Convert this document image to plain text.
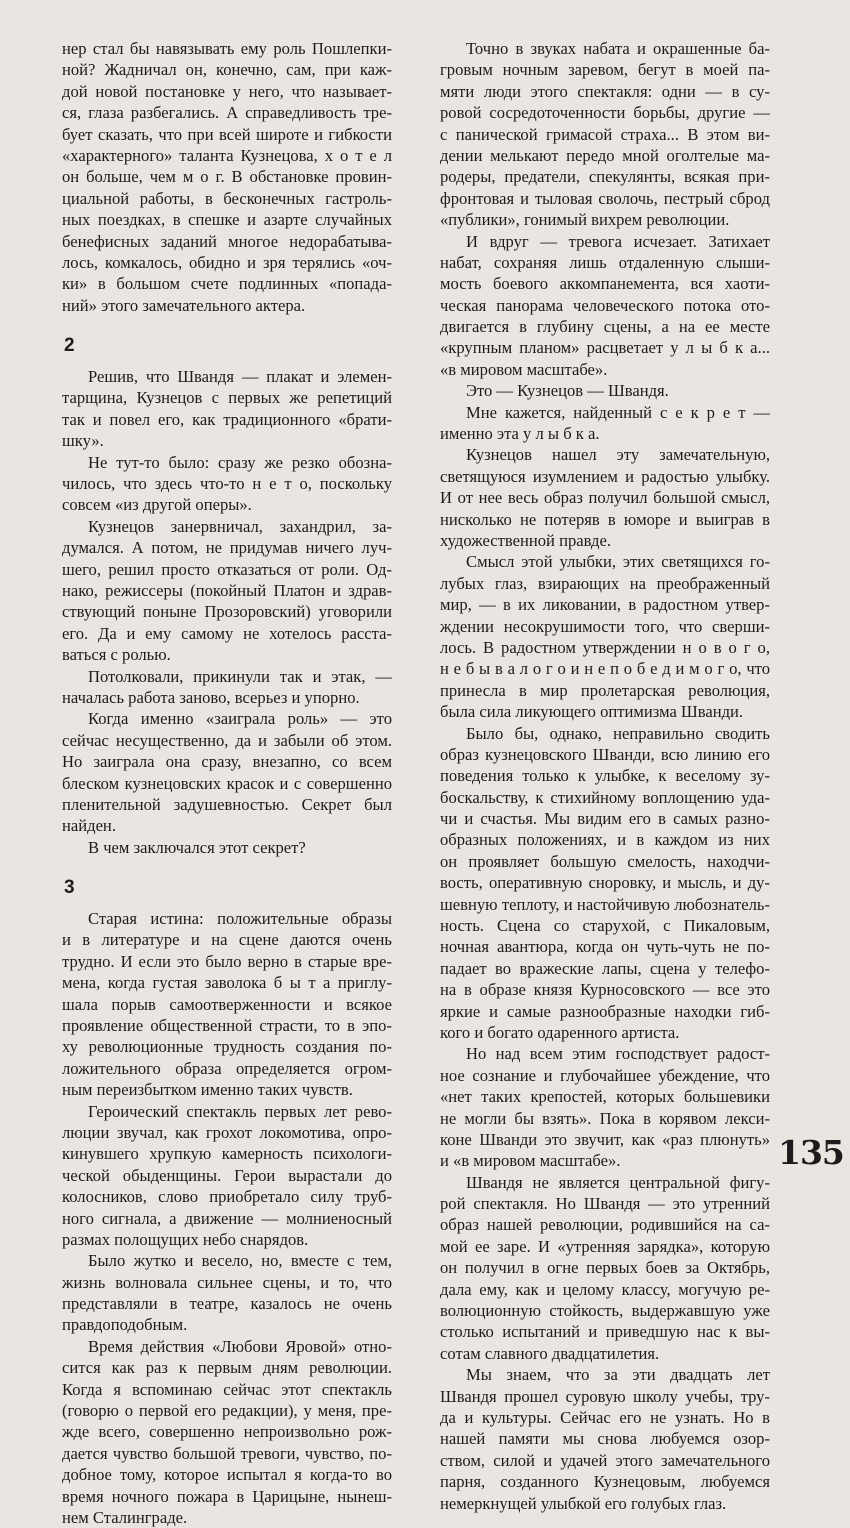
нер стал бы навязывать ему роль Пошлепки-
ной? Жадничал он, конечно, сам, при каж-
дой новой постановке у него, что называет-
ся, глаза разбегались. А справедливость тре-
бует сказать, что при всей широте и гибкости
«характерного» таланта Кузнецова, х о т е л
он больше, чем м о г. В обстановке провин-
циальной работы, в бесконечных гастроль-
ных поездках, в спешке и азарте случайных
бенефисных заданий многое недорабатыва-
лось, комкалось, обидно и зря терялись «оч-
ки» в большом счете подлинных «попада-
ний» этого замечательного актера.
2
Решив, что Швандя — плакат и элемен-
тарщина, Кузнецов с первых же репетиций
так и повел его, как традиционного «брати-
шку».
Не тут-то было: сразу же резко обозна-
чилось, что здесь что-то н е т о, поскольку
совсем «из другой оперы».
Кузнецов занервничал, захандрил, за-
думался. А потом, не придумав ничего луч-
шего, решил просто отказаться от роли. Од-
нако, режиссеры (покойный Платон и здрав-
ствующий поныне Прозоровский) уговорили
его. Да и ему самому не хотелось расста-
ваться с ролью.
Потолковали, прикинули так и этак, —
началась работа заново, всерьез и упорно.
Когда именно «заиграла роль» — это
сейчас несущественно, да и забыли об этом.
Но заиграла она сразу, внезапно, со всем
блеском кузнецовских красок и с совершенно
пленительной задушевностью. Секрет был
найден.
В чем заключался этот секрет?
3
Старая истина: положительные образы
и в литературе и на сцене даются очень
трудно. И если это было верно в старые вре-
мена, когда густая заволока б ы т а приглу-
шала порыв самоотверженности и всякое
проявление общественной страсти, то в эпо-
ху революционные трудность создания по-
ложительного образа определяется огром-
ным переизбытком именно таких чувств.
Героический спектакль первых лет рево-
люции звучал, как грохот локомотива, опро-
кинувшего хрупкую камерность психологи-
ческой обыденщины. Герои вырастали до
колосников, слово приобретало силу труб-
ного сигнала, а движение — молниеносный
размах полощущих небо снарядов.
Было жутко и весело, но, вместе с тем,
жизнь волновала сильнее сцены, и то, что
представляли в театре, казалось не очень
правдоподобным.
Время действия «Любови Яровой» отно-
сится как раз к первым дням революции.
Когда я вспоминаю сейчас этот спектакль
(говорю о первой его редакции), у меня, пре-
жде всего, совершенно непроизвольно рож-
дается чувство большой тревоги, чувство, по-
добное тому, которое испытал я когда-то во
время ночного пожара в Царицыне, нынеш-
нем Сталинграде.
Точно в звуках набата и окрашенные ба-
гровым ночным заревом, бегут в моей па-
мяти люди этого спектакля: одни — в су-
ровой сосредоточенности борьбы, другие —
с панической гримасой страха... В этом ви-
дении мелькают передо мной оголтелые ма-
родеры, предатели, спекулянты, всякая при-
фронтовая и тыловая сволочь, пестрый сброд
«публики», гонимый вихрем революции.
И вдруг — тревога исчезает. Затихает
набат, сохраняя лишь отдаленную слыши-
мость боевого аккомпанемента, вся хаоти-
ческая панорама человеческого потока ото-
двигается в глубину сцены, а на ее месте
«крупным планом» расцветает у л ы б к а...
«в мировом масштабе».
Это — Кузнецов — Швандя.
Мне кажется, найденный с е к р е т —
именно эта у л ы б к а.
Кузнецов нашел эту замечательную,
светящуюся изумлением и радостью улыбку.
И от нее весь образ получил большой смысл,
нисколько не потеряв в юморе и выиграв в
художественной правде.
Смысл этой улыбки, этих светящихся го-
лубых глаз, взирающих на преображенный
мир, — в их ликовании, в радостном утвер-
ждении несокрушимости того, что сверши-
лось. В радостном утверждении н о в о г о,
н е б ы в а л о г о и н е п о б е д и м о г о, что
принесла в мир пролетарская революция,
была сила ликующего оптимизма Шванди.
Было бы, однако, неправильно сводить
образ кузнецовского Шванди, всю линию его
поведения только к улыбке, к веселому зу-
боскальству, к стихийному воплощению уда-
чи и счастья. Мы видим его в самых разно-
образных положениях, и в каждом из них
он проявляет большую смелость, находчи-
вость, оперативную сноровку, и мысль, и ду-
шевную теплоту, и настойчивую любознатель-
ность. Сцена со старухой, с Пикаловым,
ночная авантюра, когда он чуть-чуть не по-
падает во вражеские лапы, сцена у телефо-
на в образе князя Курносовского — все это
яркие и самые разнообразные находки гиб-
кого и богато одаренного артиста.
Но над всем этим господствует радост-
ное сознание и глубочайшее убеждение, что
«нет таких крепостей, которых большевики
не могли бы взять». Пока в корявом лекси-
коне Шванди это звучит, как «раз плюнуть»
и «в мировом масштабе».
Швандя не является центральной фигу-
рой спектакля. Но Швандя — это утренний
образ нашей революции, родившийся на са-
мой ее заре. И «утренняя зарядка», которую
он получил в огне первых боев за Октябрь,
дала ему, как и целому классу, могучую ре-
волюционную стойкость, выдержавшую уже
столько испытаний и приведшую нас к вы-
сотам славного двадцатилетия.
Мы знаем, что за эти двадцать лет
Швандя прошел суровую школу учебы, тру-
да и культуры. Сейчас его не узнать. Но в
нашей памяти мы снова любуемся озор-
ством, силой и удачей этого замечательного
парня, созданного Кузнецовым, любуемся
немеркнущей улыбкой его голубых глаз.
135
